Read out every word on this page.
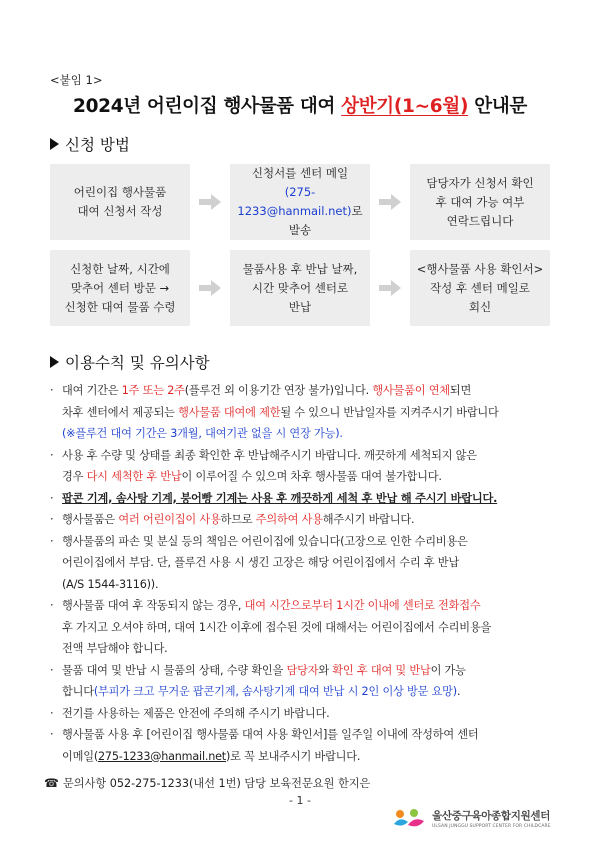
<붙임 1>
2024년 어린이집 행사물품 대여 상반기(1~6월) 안내문
신청 방법
어린이집 행사물품
대여 신청서 작성
신청서를 센터 메일
(275-1233@hanmail.net)로
발송
담당자가 신청서 확인
후 대여 가능 여부
연락드립니다
신청한 날짜, 시간에
맞추어 센터 방문 →
신청한 대여 물품 수령
물품사용 후 반납 날짜,
시간 맞추어 센터로
반납
<행사물품 사용 확인서>
작성 후 센터 메일로
회신
이용수칙 및 유의사항
· 대여 기간은 1주 또는 2주(플루건 외 이용기간 연장 불가)입니다. 행사물품이 연체되면
차후 센터에서 제공되는 행사물품 대여에 제한될 수 있으니 반납일자를 지켜주시기 바랍니다
(※플루건 대여 기간은 3개월, 대여기관 없을 시 연장 가능).
· 사용 후 수량 및 상태를 최종 확인한 후 반납해주시기 바랍니다. 깨끗하게 세척되지 않은
경우 다시 세척한 후 반납이 이루어질 수 있으며 차후 행사물품 대여 불가합니다.
· 팝콘 기계, 솜사탕 기계, 붕어빵 기계는 사용 후 깨끗하게 세척 후 반납 해 주시기 바랍니다.
· 행사물품은 여러 어린이집이 사용하므로 주의하여 사용해주시기 바랍니다.
· 행사물품의 파손 및 분실 등의 책임은 어린이집에 있습니다(고장으로 인한 수리비용은
어린이집에서 부담. 단, 플루건 사용 시 생긴 고장은 해당 어린이집에서 수리 후 반납
(A/S 1544-3116)).
· 행사물품 대여 후 작동되지 않는 경우, 대여 시간으로부터 1시간 이내에 센터로 전화접수
후 가지고 오셔야 하며, 대여 1시간 이후에 접수된 것에 대해서는 어린이집에서 수리비용을
전액 부담해야 합니다.
· 물품 대여 및 반납 시 물품의 상태, 수량 확인을 담당자와 확인 후 대여 및 반납이 가능
합니다(부피가 크고 무거운 팝콘기계, 솜사탕기계 대여 반납 시 2인 이상 방문 요망).
· 전기를 사용하는 제품은 안전에 주의해 주시기 바랍니다.
· 행사물품 사용 후 [어린이집 행사물품 대여 사용 확인서]를 일주일 이내에 작성하여 센터
이메일(275-1233@hanmail.net)로 꼭 보내주시기 바랍니다.
☎ 문의사항 052-275-1233(내선 1번) 담당 보육전문요원 한지은
- 1 -
울산중구육아종합지원센터
ULSAN JUNGGU SUPPORT CENTER FOR CHILDCARE
